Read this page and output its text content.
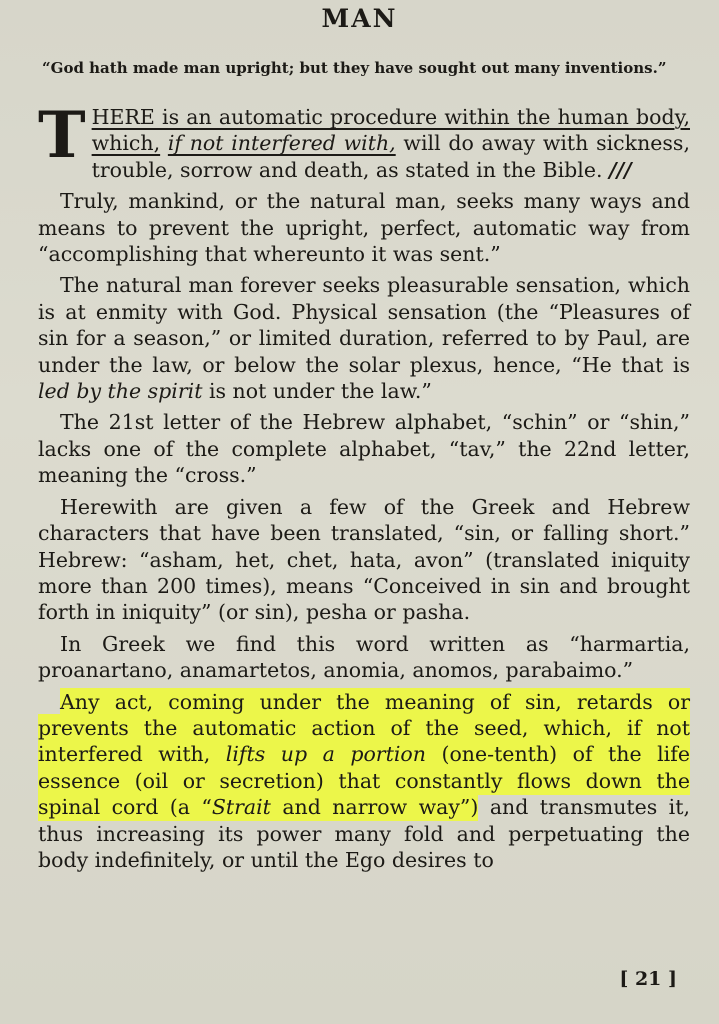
MAN
“God hath made man upright; but they have sought out many inventions.”

THERE is an automatic procedure within the human body, which, if not interfered with, will do away with sickness, trouble, sorrow and death, as stated in the Bible. ///

Truly, mankind, or the natural man, seeks many ways and means to prevent the upright, perfect, automatic way from “accomplishing that whereunto it was sent.”

The natural man forever seeks pleasurable sensation, which is at enmity with God. Physical sensation (the “Pleasures of sin for a season,” or limited duration, referred to by Paul, are under the law, or below the solar plexus, hence, “He that is led by the spirit is not under the law.”

The 21st letter of the Hebrew alphabet, “schin” or “shin,” lacks one of the complete alphabet, “tav,” the 22nd letter, meaning the “cross.”

Herewith are given a few of the Greek and Hebrew characters that have been translated, “sin, or falling short.” Hebrew: “asham, het, chet, hata, avon” (translated iniquity more than 200 times), means “Conceived in sin and brought forth in iniquity” (or sin), pesha or pasha.

In Greek we find this word written as “harmartia, proanartano, anamartetos, anomia, anomos, parabaimo.”

Any act, coming under the meaning of sin, retards or prevents the automatic action of the seed, which, if not interfered with, lifts up a portion (one-tenth) of the life essence (oil or secretion) that constantly flows down the spinal cord (a “Strait and narrow way”) and transmutes it, thus increasing its power many fold and perpetuating the body indefinitely, or until the Ego desires to

[ 21 ]
